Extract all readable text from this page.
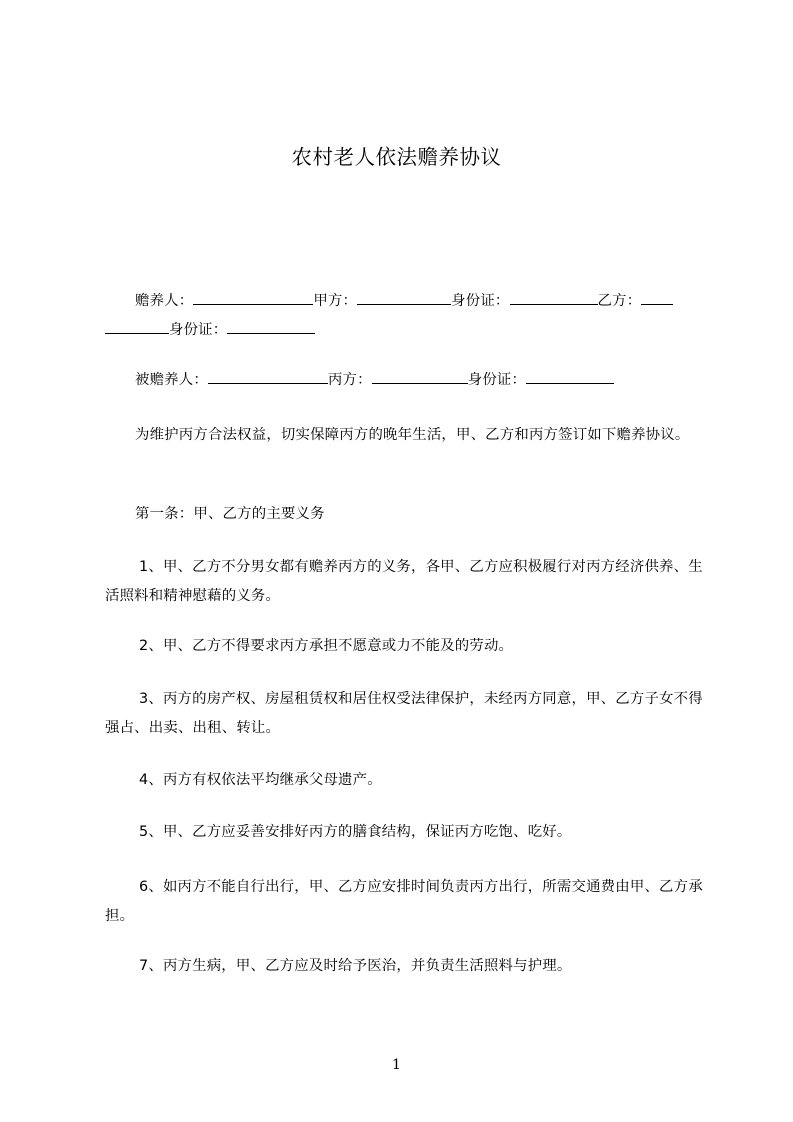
农村老人依法赡养协议
赡养人：	甲方：	身份证：	乙方：
身份证：
被赡养人：	丙方：	身份证：
为维护丙方合法权益，切实保障丙方的晚年生活，甲、乙方和丙方签订如下赡养协议。
第一条：甲、乙方的主要义务
1、甲、乙方不分男女都有赡养丙方的义务，各甲、乙方应积极履行对丙方经济供养、生活照料和精神慰藉的义务。
2、甲、乙方不得要求丙方承担不愿意或力不能及的劳动。
3、丙方的房产权、房屋租赁权和居住权受法律保护，未经丙方同意，甲、乙方子女不得强占、出卖、出租、转让。
4、丙方有权依法平均继承父母遗产。
5、甲、乙方应妥善安排好丙方的膳食结构，保证丙方吃饱、吃好。
6、如丙方不能自行出行，甲、乙方应安排时间负责丙方出行，所需交通费由甲、乙方承担。
7、丙方生病，甲、乙方应及时给予医治，并负责生活照料与护理。
1
